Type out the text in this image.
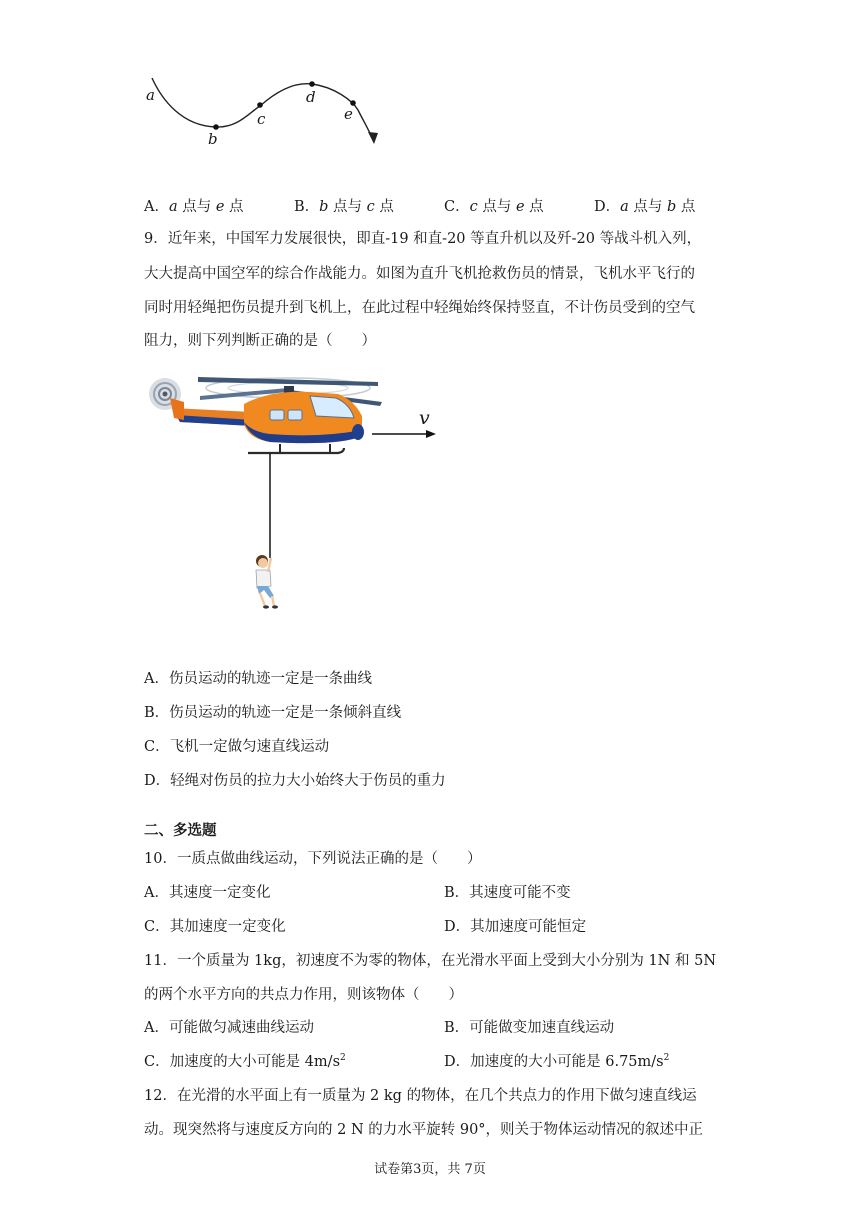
a
b
c
d
e
A．a 点与 e 点	B．b 点与 c 点	C．c 点与 e 点	D．a 点与 b 点
9．近年来，中国军力发展很快，即直-19 和直-20 等直升机以及歼-20 等战斗机入列，
大大提高中国空军的综合作战能力。如图为直升飞机抢救伤员的情景，飞机水平飞行的
同时用轻绳把伤员提升到飞机上，在此过程中轻绳始终保持竖直，不计伤员受到的空气
阻力，则下列判断正确的是（　　）
v
A．伤员运动的轨迹一定是一条曲线
B．伤员运动的轨迹一定是一条倾斜直线
C．飞机一定做匀速直线运动
D．轻绳对伤员的拉力大小始终大于伤员的重力
二、多选题
10．一质点做曲线运动，下列说法正确的是（　　）
A．其速度一定变化	B．其速度可能不变
C．其加速度一定变化	D．其加速度可能恒定
11．一个质量为 1kg，初速度不为零的物体，在光滑水平面上受到大小分别为 1N 和 5N
的两个水平方向的共点力作用，则该物体（　　）
A．可能做匀减速曲线运动	B．可能做变加速直线运动
C．加速度的大小可能是 $4m/s^2$	D．加速度的大小可能是 $6.75m/s^2$
12．在光滑的水平面上有一质量为 2 kg 的物体，在几个共点力的作用下做匀速直线运
动。现突然将与速度反方向的 2 N 的力水平旋转 90°，则关于物体运动情况的叙述中正
试卷第3页，共 7页
